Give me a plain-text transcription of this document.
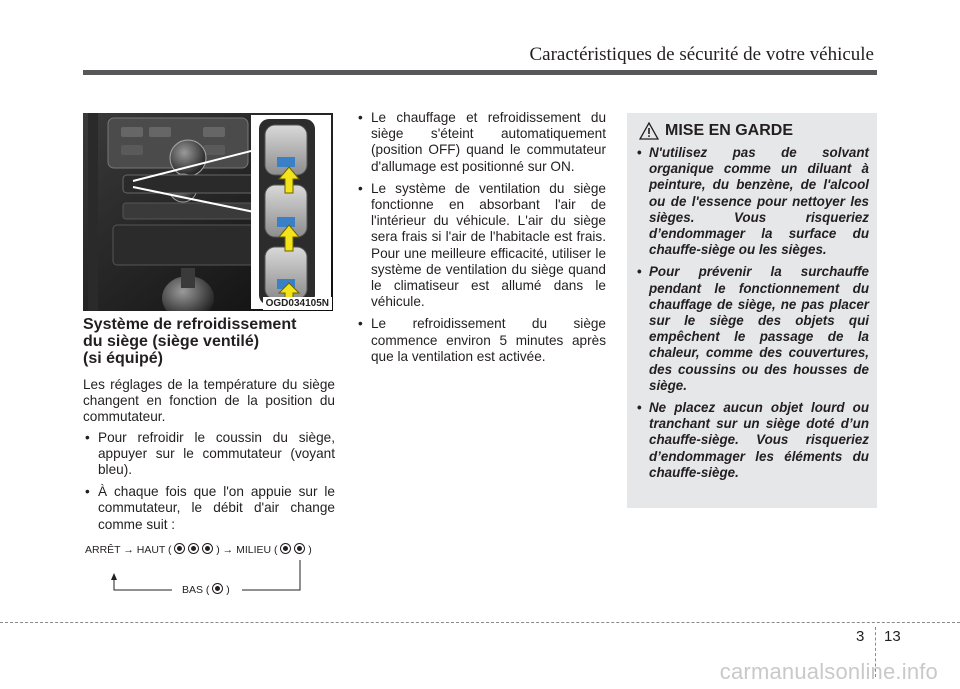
Caractéristiques de sécurité de votre véhicule
OGD034105N
Système de refroidissement
du siège (siège ventilé)
(si équipé)

Les réglages de la température du siège changent en fonction de la position du commutateur.

• Pour refroidir le coussin du siège, appuyer sur le commutateur (voyant bleu).
• À chaque fois que l'on appuie sur le commutateur, le débit d'air change comme suit :
ARRÊT → HAUT (

	) → MILIEU (
	)
BAS ( )
• Le chauffage et refroidissement du siège s'éteint automatiquement (position OFF) quand le commutateur d'allumage est positionné sur ON.
• Le système de ventilation du siège fonctionne en absorbant l'air de l'intérieur du véhicule. L'air du siège sera frais si l'air de l'habitacle est frais. Pour une meilleure efficacité, utiliser le système de ventilation du siège quand le climatiseur est allumé dans le véhicule.
• Le refroidissement du siège commence environ 5 minutes après que la ventilation est activée.
MISE EN GARDE
• N'utilisez pas de solvant organique comme un diluant à peinture, du benzène, de l'alcool ou de l'essence pour nettoyer les sièges. Vous risqueriez d’endommager la surface du chauffe-siège ou les sièges.
• Pour prévenir la surchauffe pendant le fonctionnement du chauffage de siège, ne pas placer sur le siège des objets qui empêchent le passage de la chaleur, comme des couvertures, des coussins ou des housses de siège.
• Ne placez aucun objet lourd ou tranchant sur un siège doté d’un chauffe-siège. Vous risqueriez d’endommager les éléments du chauffe-siège.
3 13
carmanualsonline.info
